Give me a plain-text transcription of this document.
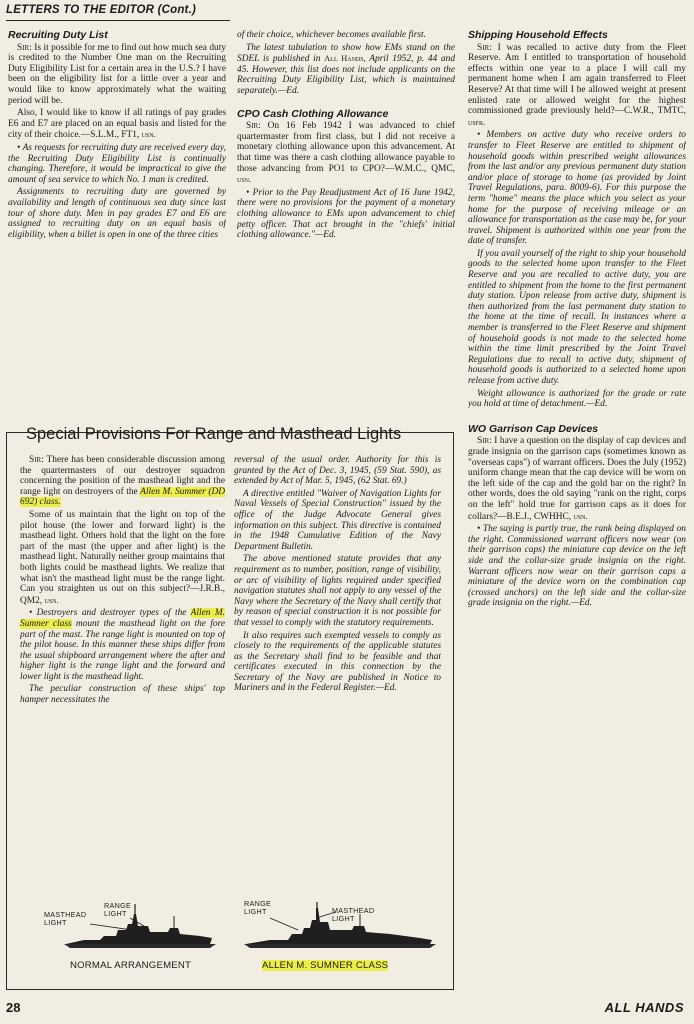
LETTERS TO THE EDITOR (Cont.)

Recruiting Duty List

Sir: Is it possible for me to find out how much sea duty is credited to the Number One man on the Recruiting Duty Eligibility List for a certain area in the U.S.? I have been on the eligibility list for a little over a year and would like to know approximately what the waiting period will be.

Also, I would like to know if all ratings of pay grades E6 and E7 are placed on an equal basis and listed for the city of their choice.—S.L.M., FT1, usn.

• As requests for recruiting duty are received every day, the Recruiting Duty Eligibility List is continually changing. Therefore, it would be impractical to give the amount of sea service to which No. 1 man is credited.

Assignments to recruiting duty are governed by availability and length of continuous sea duty since last tour of shore duty. Men in pay grades E7 and E6 are assigned to recruiting duty on an equal basis of eligibility, when a billet is open in one of the three cities

of their choice, whichever becomes available first.

The latest tabulation to show how EMs stand on the SDEL is published in All Hands, April 1952, p. 44 and 45. However, this list does not include applicants on the Recruiting Duty Eligibility List, which is maintained separately.—Ed.

CPO Cash Clothing Allowance

Sir: On 16 Feb 1942 I was advanced to chief quartermaster from first class, but I did not receive a monetary clothing allowance upon this advancement. At that time was there a cash clothing allowance payable to those advancing from PO1 to CPO?—W.M.C., QMC, usn.

• Prior to the Pay Readjustment Act of 16 June 1942, there were no provisions for the payment of a monetary clothing allowance to EMs upon advancement to chief petty officer. That act brought in the "chiefs' initial clothing allowance."—Ed.

Shipping Household Effects

Sir: I was recalled to active duty from the Fleet Reserve. Am I entitled to transportation of household effects within one year to a place I will call my permanent home when I am again transferred to Fleet Reserve? At that time will I be allowed weight at present enlisted rate or allowed weight for the highest commissioned grade previously held?—C.W.R., TMTC, usfr.

• Members on active duty who receive orders to transfer to Fleet Reserve are entitled to shipment of household goods within prescribed weight allowances from the last and/or any previous permanent duty station and/or place of storage to home (as provided by Joint Travel Regulations, para. 8009-6). For this purpose the term "home" means the place which you select as your home for the purpose of receiving mileage or an allowance for transportation as the case may be, for your travel. Shipment is authorized within one year from the date of transfer.

If you avail yourself of the right to ship your household goods to the selected home upon transfer to the Fleet Reserve and you are recalled to active duty, you are entitled to shipment from the home to the first permanent duty station. Upon release from active duty, shipment is then authorized from the last permanent duty station to the home at the time of recall. In instances where a member is transferred to the Fleet Reserve and shipment of household goods is not made to the selected home within the time limit prescribed by the Joint Travel Regulations due to recall to active duty, shipment of household goods is authorized to a selected home upon release from active duty.

Weight allowance is authorized for the grade or rate you hold at time of detachment.—Ed.

WO Garrison Cap Devices

Sir: I have a question on the display of cap devices and grade insignia on the garrison caps (sometimes known as "overseas caps") of warrant officers. Does the July (1952) uniform change mean that the cap device will be worn on the left side of the cap and the gold bar on the right? In other words, does the old saying "rank on the right, corps on the left" hold true for garrison caps as it does for collars?—B.E.J., CWHHC, usn.

• The saying is partly true, the rank being displayed on the right. Commissioned warrant officers now wear (on their garrison caps) the miniature cap device on the left side and the collar-size grade insignia on the right. Warrant officers now wear on their garrison caps a miniature of the device worn on the combination cap (crossed anchors) on the left side and the collar-size grade insignia on the right.—Ed.

Special Provisions For Range and Masthead Lights

Sir: There has been considerable discussion among the quartermasters of our destroyer squadron concerning the position of the masthead light and the range light on destroyers of the Allen M. Summer (DD 692) class.

Some of us maintain that the light on top of the pilot house (the lower and forward light) is the masthead light. Others hold that the light on the fore part of the mast (the upper and after light) is the masthead light. Naturally neither group maintains that both lights could be masthead lights. We realize that what isn't the masthead light must be the range light. Can you straighten us out on this subject?—J.R.B., QM2, usn.

• Destroyers and destroyer types of the Allen M. Sumner class mount the masthead light on the fore part of the mast. The range light is mounted on top of the pilot house. In this manner these ships differ from the usual shipboard arrangement where the after and higher light is the range light and the forward and lower light is the masthead light.

The peculiar construction of these ships' top hamper necessitates the

reversal of the usual order. Authority for this is granted by the Act of Dec. 3, 1945, (59 Stat. 590), as extended by Act of Mar. 5, 1945, (62 Stat. 69.)

A directive entitled "Waiver of Navigation Lights for Naval Vessels of Special Construction" issued by the office of the Judge Advocate General gives information on this subject. This directive is contained in the 1948 Cumulative Edition of the Navy Department Bulletin.

The above mentioned statute provides that any requirement as to number, position, range of visibility, or arc of visibility of lights required under specified navigation statutes shall not apply to any vessel of the Navy where the Secretary of the Navy shall certify that by reason of special construction it is not possible for that vessel to comply with the statutory requirements.

It also requires such exempted vessels to comply as closely to the requirements of the applicable statutes as the Secretary shall find to be feasible and that certificates executed in this connection by the Secretary of the Navy are published in Notice to Mariners and in the Federal Register.—Ed.

MASTHEAD LIGHT
RANGE LIGHT
NORMAL ARRANGEMENT
RANGE LIGHT	MASTHEAD LIGHT
ALLEN M. SUMNER CLASS
28	ALL HANDS
